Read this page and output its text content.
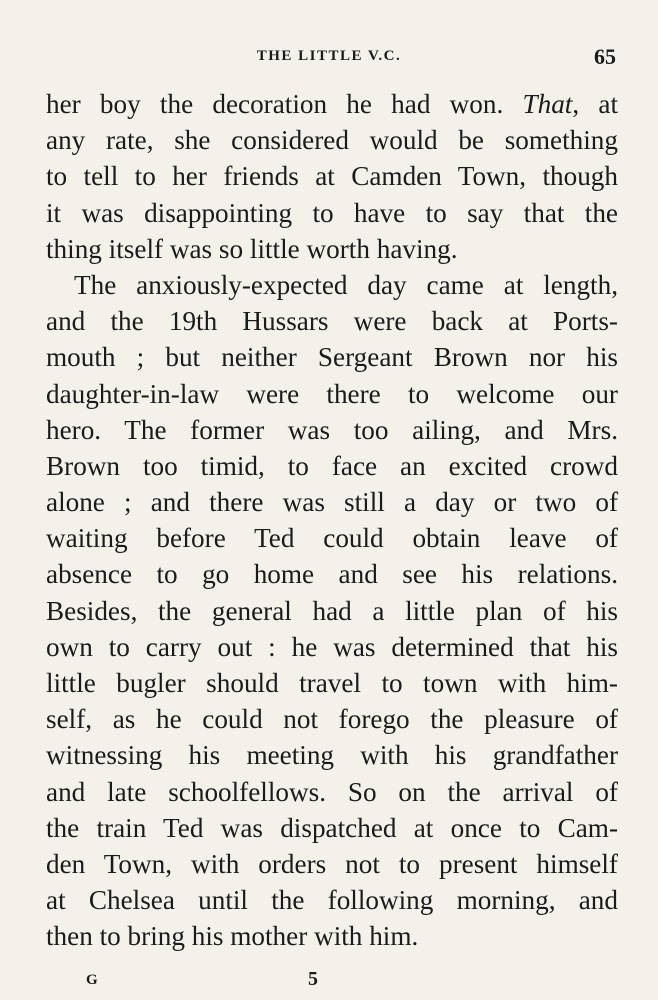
THE LITTLE V.C.	65
her boy the decoration he had won. That, at
any rate, she considered would be something
to tell to her friends at Camden Town, though
it was disappointing to have to say that the
thing itself was so little worth having.
The anxiously-expected day came at length,
and the 19th Hussars were back at Ports-
mouth ; but neither Sergeant Brown nor his
daughter-in-law were there to welcome our
hero. The former was too ailing, and Mrs.
Brown too timid, to face an excited crowd
alone ; and there was still a day or two of
waiting before Ted could obtain leave of
absence to go home and see his relations.
Besides, the general had a little plan of his
own to carry out : he was determined that his
little bugler should travel to town with him-
self, as he could not forego the pleasure of
witnessing his meeting with his grandfather
and late schoolfellows. So on the arrival of
the train Ted was dispatched at once to Cam-
den Town, with orders not to present himself
at Chelsea until the following morning, and
then to bring his mother with him.
G	5
